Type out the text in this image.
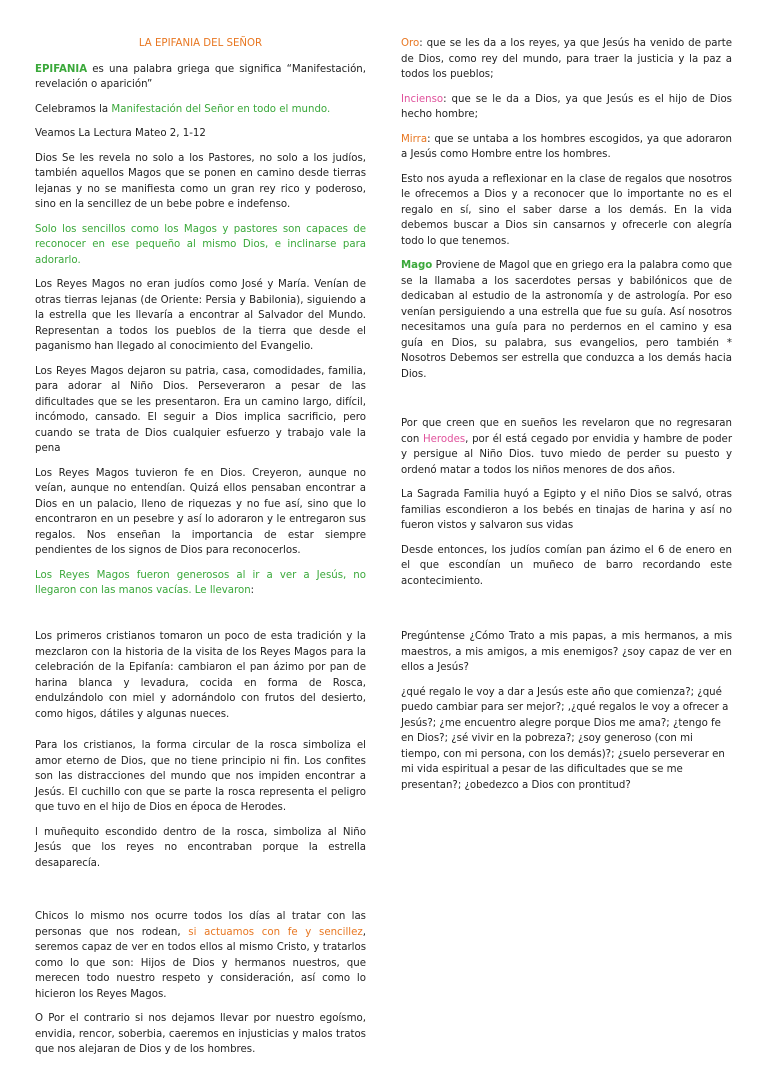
LA EPIFANIA DEL SEÑOR

EPIFANIA es una palabra griega que significa “Manifestación, revelación o aparición”

Celebramos la Manifestación del Señor en todo el mundo.

Veamos La Lectura Mateo 2, 1-12

Dios Se les revela no solo a los Pastores, no solo a los judíos, también aquellos Magos que se ponen en camino desde tierras lejanas y no se manifiesta como un gran rey rico y poderoso, sino en la sencillez de un bebe pobre e indefenso.

Solo los sencillos como los Magos y pastores son capaces de reconocer en ese pequeño al mismo Dios, e inclinarse para adorarlo.

Los Reyes Magos no eran judíos como José y María. Venían de otras tierras lejanas (de Oriente: Persia y Babilonia), siguiendo a la estrella que les llevaría a encontrar al Salvador del Mundo. Representan a todos los pueblos de la tierra que desde el paganismo han llegado al conocimiento del Evangelio.

Los Reyes Magos dejaron su patria, casa, comodidades, familia, para adorar al Niño Dios. Perseveraron a pesar de las dificultades que se les presentaron. Era un camino largo, difícil, incómodo, cansado. El seguir a Dios implica sacrificio, pero cuando se trata de Dios cualquier esfuerzo y trabajo vale la pena

Los Reyes Magos tuvieron fe en Dios. Creyeron, aunque no veían, aunque no entendían. Quizá ellos pensaban encontrar a Dios en un palacio, lleno de riquezas y no fue así, sino que lo encontraron en un pesebre y así lo adoraron y le entregaron sus regalos. Nos enseñan la importancia de estar siempre pendientes de los signos de Dios para reconocerlos.

Los Reyes Magos fueron generosos al ir a ver a Jesús, no llegaron con las manos vacías. Le llevaron:

Oro: que se les da a los reyes, ya que Jesús ha venido de parte de Dios, como rey del mundo, para traer la justicia y la paz a todos los pueblos;

Incienso: que se le da a Dios, ya que Jesús es el hijo de Dios hecho hombre;

Mirra: que se untaba a los hombres escogidos, ya que adoraron a Jesús como Hombre entre los hombres.

Esto nos ayuda a reflexionar en la clase de regalos que nosotros le ofrecemos a Dios y a reconocer que lo importante no es el regalo en sí, sino el saber darse a los demás. En la vida debemos buscar a Dios sin cansarnos y ofrecerle con alegría todo lo que tenemos.

Mago Proviene de Magol que en griego era la palabra como que se la llamaba a los sacerdotes persas y babilónicos que de dedicaban al estudio de la astronomía y de astrología. Por eso venían persiguiendo a una estrella que fue su guía. Así nosotros necesitamos una guía para no perdernos en el camino y esa guía en Dios, su palabra, sus evangelios, pero también * Nosotros Debemos ser estrella que conduzca a los demás hacia Dios.

Por que creen que en sueños les revelaron que no regresaran con Herodes, por él está cegado por envidia y hambre de poder y persigue al Niño Dios. tuvo miedo de perder su puesto y ordenó matar a todos los niños menores de dos años.

La Sagrada Familia huyó a Egipto y el niño Dios se salvó, otras familias escondieron a los bebés en tinajas de harina y así no fueron vistos y salvaron sus vidas

Desde entonces, los judíos comían pan ázimo el 6 de enero en el que escondían un muñeco de barro recordando este acontecimiento.

Los primeros cristianos tomaron un poco de esta tradición y la mezclaron con la historia de la visita de los Reyes Magos para la celebración de la Epifanía: cambiaron el pan ázimo por pan de harina blanca y levadura, cocida en forma de Rosca, endulzándolo con miel y adornándolo con frutos del desierto, como higos, dátiles y algunas nueces.

Para los cristianos, la forma circular de la rosca simboliza el amor eterno de Dios, que no tiene principio ni fin. Los confites son las distracciones del mundo que nos impiden encontrar a Jesús. El cuchillo con que se parte la rosca representa el peligro que tuvo en el hijo de Dios en época de Herodes.

l muñequito escondido dentro de la rosca, simboliza al Niño Jesús que los reyes no encontraban porque la estrella desaparecía.

Chicos lo mismo nos ocurre todos los días al tratar con las personas que nos rodean, si actuamos con fe y sencillez, seremos capaz de ver en todos ellos al mismo Cristo, y tratarlos como lo que son: Hijos de Dios y hermanos nuestros, que merecen todo nuestro respeto y consideración, así como lo hicieron los Reyes Magos.

O Por el contrario si nos dejamos llevar por nuestro egoísmo, envidia, rencor, soberbia, caeremos en injusticias y malos tratos que nos alejaran de Dios y de los hombres.

Pregúntense ¿Cómo Trato a mis papas, a mis hermanos, a mis maestros, a mis amigos, a mis enemigos? ¿soy capaz de ver en ellos a Jesús?

¿qué regalo le voy a dar a Jesús este año que comienza?; ¿qué puedo cambiar para ser mejor?; ,¿qué regalos le voy a ofrecer a Jesús?; ¿me encuentro alegre porque Dios me ama?; ¿tengo fe en Dios?; ¿sé vivir en la pobreza?; ¿soy generoso (con mi tiempo, con mi persona, con los demás)?; ¿suelo perseverar en mi vida espiritual a pesar de las dificultades que se me presentan?; ¿obedezco a Dios con prontitud?
